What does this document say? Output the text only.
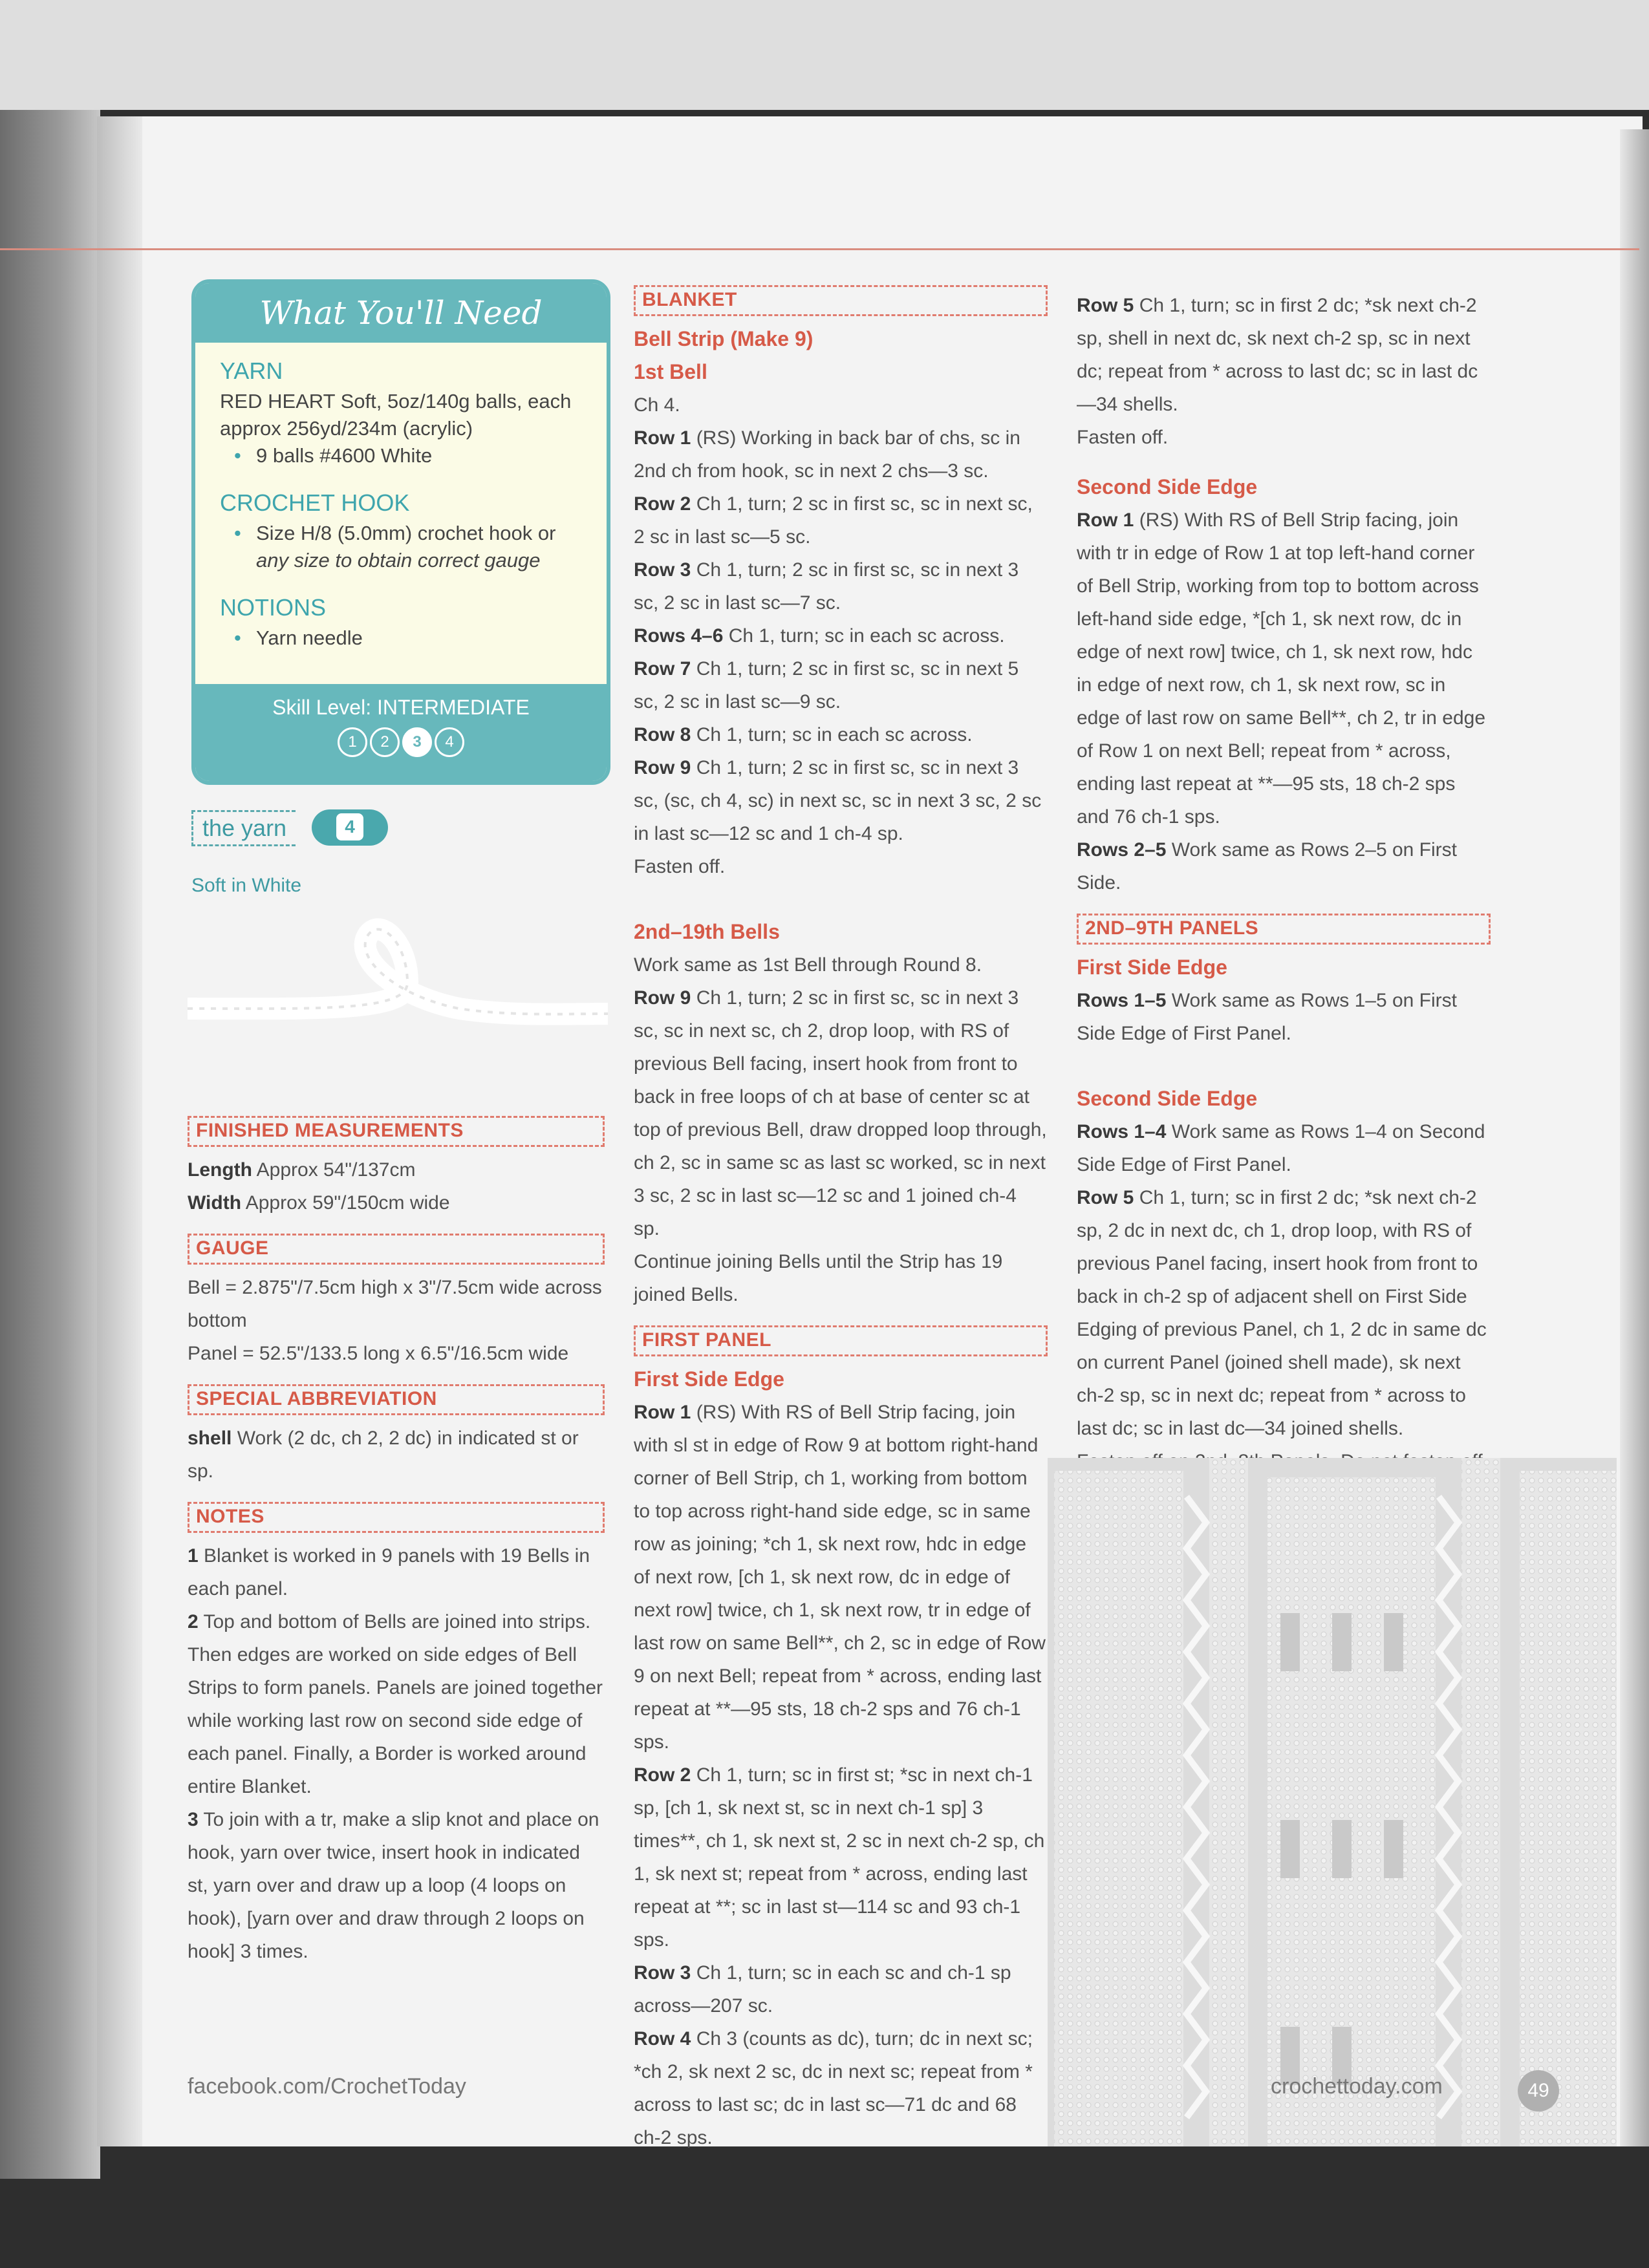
What You'll Need
YARN
RED HEART Soft, 5oz/140g balls, each approx 256yd/234m (acrylic)
• 9 balls #4600 White
CROCHET HOOK
• Size H/8 (5.0mm) crochet hook or
any size to obtain correct gauge
NOTIONS
• Yarn needle
Skill Level: INTERMEDIATE
1 2 3 4
the yarn	4
Soft in White
FINISHED MEASUREMENTS

Length Approx 54"/137cm

Width Approx 59"/150cm wide

GAUGE

Bell = 2.875"/7.5cm high x 3"/7.5cm wide across bottom

Panel = 52.5"/133.5 long x 6.5"/16.5cm wide

SPECIAL ABBREVIATION

shell Work (2 dc, ch 2, 2 dc) in indicated st or sp.

NOTES

1 Blanket is worked in 9 panels with 19 Bells in each panel.

2 Top and bottom of Bells are joined into strips. Then edges are worked on side edges of Bell Strips to form panels. Panels are joined together while working last row on second side edge of each panel. Finally, a Border is worked around entire Blanket.

3 To join with a tr, make a slip knot and place on hook, yarn over twice, insert hook in indicated st, yarn over and draw up a loop (4 loops on hook), [yarn over and draw through 2 loops on hook] 3 times.

BLANKET
Bell Strip (Make 9)
1st Bell

Ch 4.

Row 1 (RS) Working in back bar of chs, sc in 2nd ch from hook, sc in next 2 chs—3 sc.

Row 2 Ch 1, turn; 2 sc in first sc, sc in next sc, 2 sc in last sc—5 sc.

Row 3 Ch 1, turn; 2 sc in first sc, sc in next 3 sc, 2 sc in last sc—7 sc.

Rows 4–6 Ch 1, turn; sc in each sc across.

Row 7 Ch 1, turn; 2 sc in first sc, sc in next 5 sc, 2 sc in last sc—9 sc.

Row 8 Ch 1, turn; sc in each sc across.

Row 9 Ch 1, turn; 2 sc in first sc, sc in next 3 sc, (sc, ch 4, sc) in next sc, sc in next 3 sc, 2 sc in last sc—12 sc and 1 ch-4 sp.

Fasten off.

2nd–19th Bells

Work same as 1st Bell through Round 8.

Row 9 Ch 1, turn; 2 sc in first sc, sc in next 3 sc, sc in next sc, ch 2, drop loop, with RS of previous Bell facing, insert hook from front to back in free loops of ch at base of center sc at top of previous Bell, draw dropped loop through, ch 2, sc in same sc as last sc worked, sc in next 3 sc, 2 sc in last sc—12 sc and 1 joined ch-4 sp.

Continue joining Bells until the Strip has 19 joined Bells.

FIRST PANEL
First Side Edge

Row 1 (RS) With RS of Bell Strip facing, join with sl st in edge of Row 9 at bottom right-hand corner of Bell Strip, ch 1, working from bottom to top across right-hand side edge, sc in same row as joining; *ch 1, sk next row, hdc in edge of next row, [ch 1, sk next row, dc in edge of next row] twice, ch 1, sk next row, tr in edge of last row on same Bell**, ch 2, sc in edge of Row 9 on next Bell; repeat from * across, ending last repeat at **—95 sts, 18 ch-2 sps and 76 ch-1 sps.

Row 2 Ch 1, turn; sc in first st; *sc in next ch-1 sp, [ch 1, sk next st, sc in next ch-1 sp] 3 times**, ch 1, sk next st, 2 sc in next ch-2 sp, ch 1, sk next st; repeat from * across, ending last repeat at **; sc in last st—114 sc and 93 ch-1 sps.

Row 3 Ch 1, turn; sc in each sc and ch-1 sp across—207 sc.

Row 4 Ch 3 (counts as dc), turn; dc in next sc; *ch 2, sk next 2 sc, dc in next sc; repeat from * across to last sc; dc in last sc—71 dc and 68 ch-2 sps.

Row 5 Ch 1, turn; sc in first 2 dc; *sk next ch-2 sp, shell in next dc, sk next ch-2 sp, sc in next dc; repeat from * across to last dc; sc in last dc—34 shells.

Fasten off.

Second Side Edge

Row 1 (RS) With RS of Bell Strip facing, join with tr in edge of Row 1 at top left-hand corner of Bell Strip, working from top to bottom across left-hand side edge, *[ch 1, sk next row, dc in edge of next row] twice, ch 1, sk next row, hdc in edge of next row, ch 1, sk next row, sc in edge of last row on same Bell**, ch 2, tr in edge of Row 1 on next Bell; repeat from * across, ending last repeat at **—95 sts, 18 ch-2 sps and 76 ch-1 sps.

Rows 2–5 Work same as Rows 2–5 on First Side.

2ND–9TH PANELS
First Side Edge

Rows 1–5 Work same as Rows 1–5 on First Side Edge of First Panel.

Second Side Edge

Rows 1–4 Work same as Rows 1–4 on Second Side Edge of First Panel.

Row 5 Ch 1, turn; sc in first 2 dc; *sk next ch-2 sp, 2 dc in next dc, ch 1, drop loop, with RS of previous Panel facing, insert hook from front to back in ch-2 sp of adjacent shell on First Side Edging of previous Panel, ch 1, 2 dc in same dc on current Panel (joined shell made), sk next ch-2 sp, sc in next dc; repeat from * across to last dc; sc in last dc—34 joined shells.

facebook.com/CrochetToday	crochettoday.com	49
